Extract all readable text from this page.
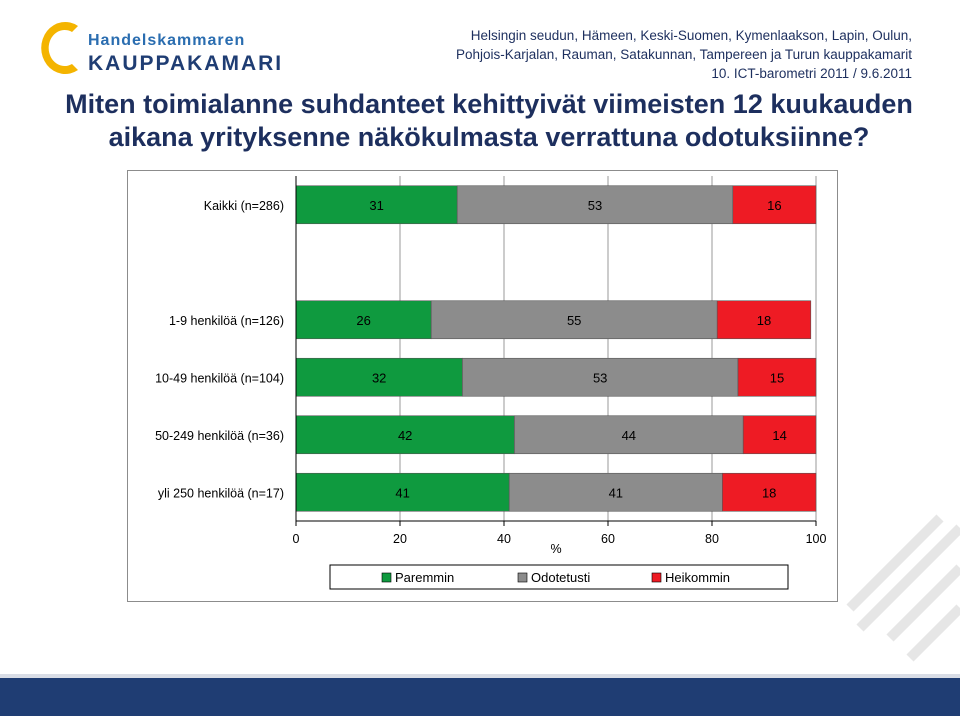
Handelskammaren
KAUPPAKAMARI
Helsingin seudun, Hämeen, Keski-Suomen, Kymenlaakson, Lapin, Oulun,
Pohjois-Karjalan, Rauman, Satakunnan, Tampereen ja Turun kauppakamarit
10. ICT-barometri 2011 / 9.6.2011
Miten toimialanne suhdanteet kehittyivät viimeisten 12 kuukauden aikana yrityksenne näkökulmasta verrattuna odotuksiinne?
31	53	16
Kaikki (n=286)
26	55	18
1-9 henkilöä (n=126)
32	53	15
10-49 henkilöä (n=104)
42	44	14
50-249 henkilöä (n=36)
41	41	18
yli 250 henkilöä (n=17)
0	20	40	60	80	100
%
Paremmin	Odotetusti	Heikommin
